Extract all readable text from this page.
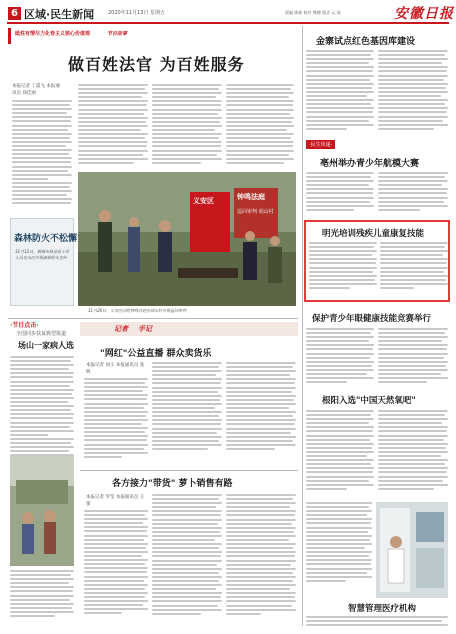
6 区域·民生新闻	2020年11月13日 星期五	责编 陈新 校对 熊德 版式 元 成	安徽日报
砥柱有情尽力化卷主义核心价值观	节目故事
做百姓法官 为百姓服务
本报记者 丁震飞 本报通讯员 徐佳丽
森林防火不松懈
11月12日，桐城市林业局工作人员在山区开展森林防火宣传
义安区	钟鸣法庭
巡回审判 胡山村
11月20日，义安区法院钟鸣法庭在胡山村开展巡回审判
金寨试点红色基因库建设
·民生快递·
亳州举办青少年航模大赛
明光培训残疾儿童康复技能
保护青少年眼健康技能竞赛举行
根阳入选"中国天然氧吧"
智慧管理医疗机构
·节目点击·
全国同步扶贫典型报道
场山一家病人选
记者 手记
"网红"公益直播 群众卖货乐
本报记者 刘玉 本报通讯员 张明
各方接力"带货" 萝卜销售有路
本报记者 罗莹 本报通讯员 王蕾
